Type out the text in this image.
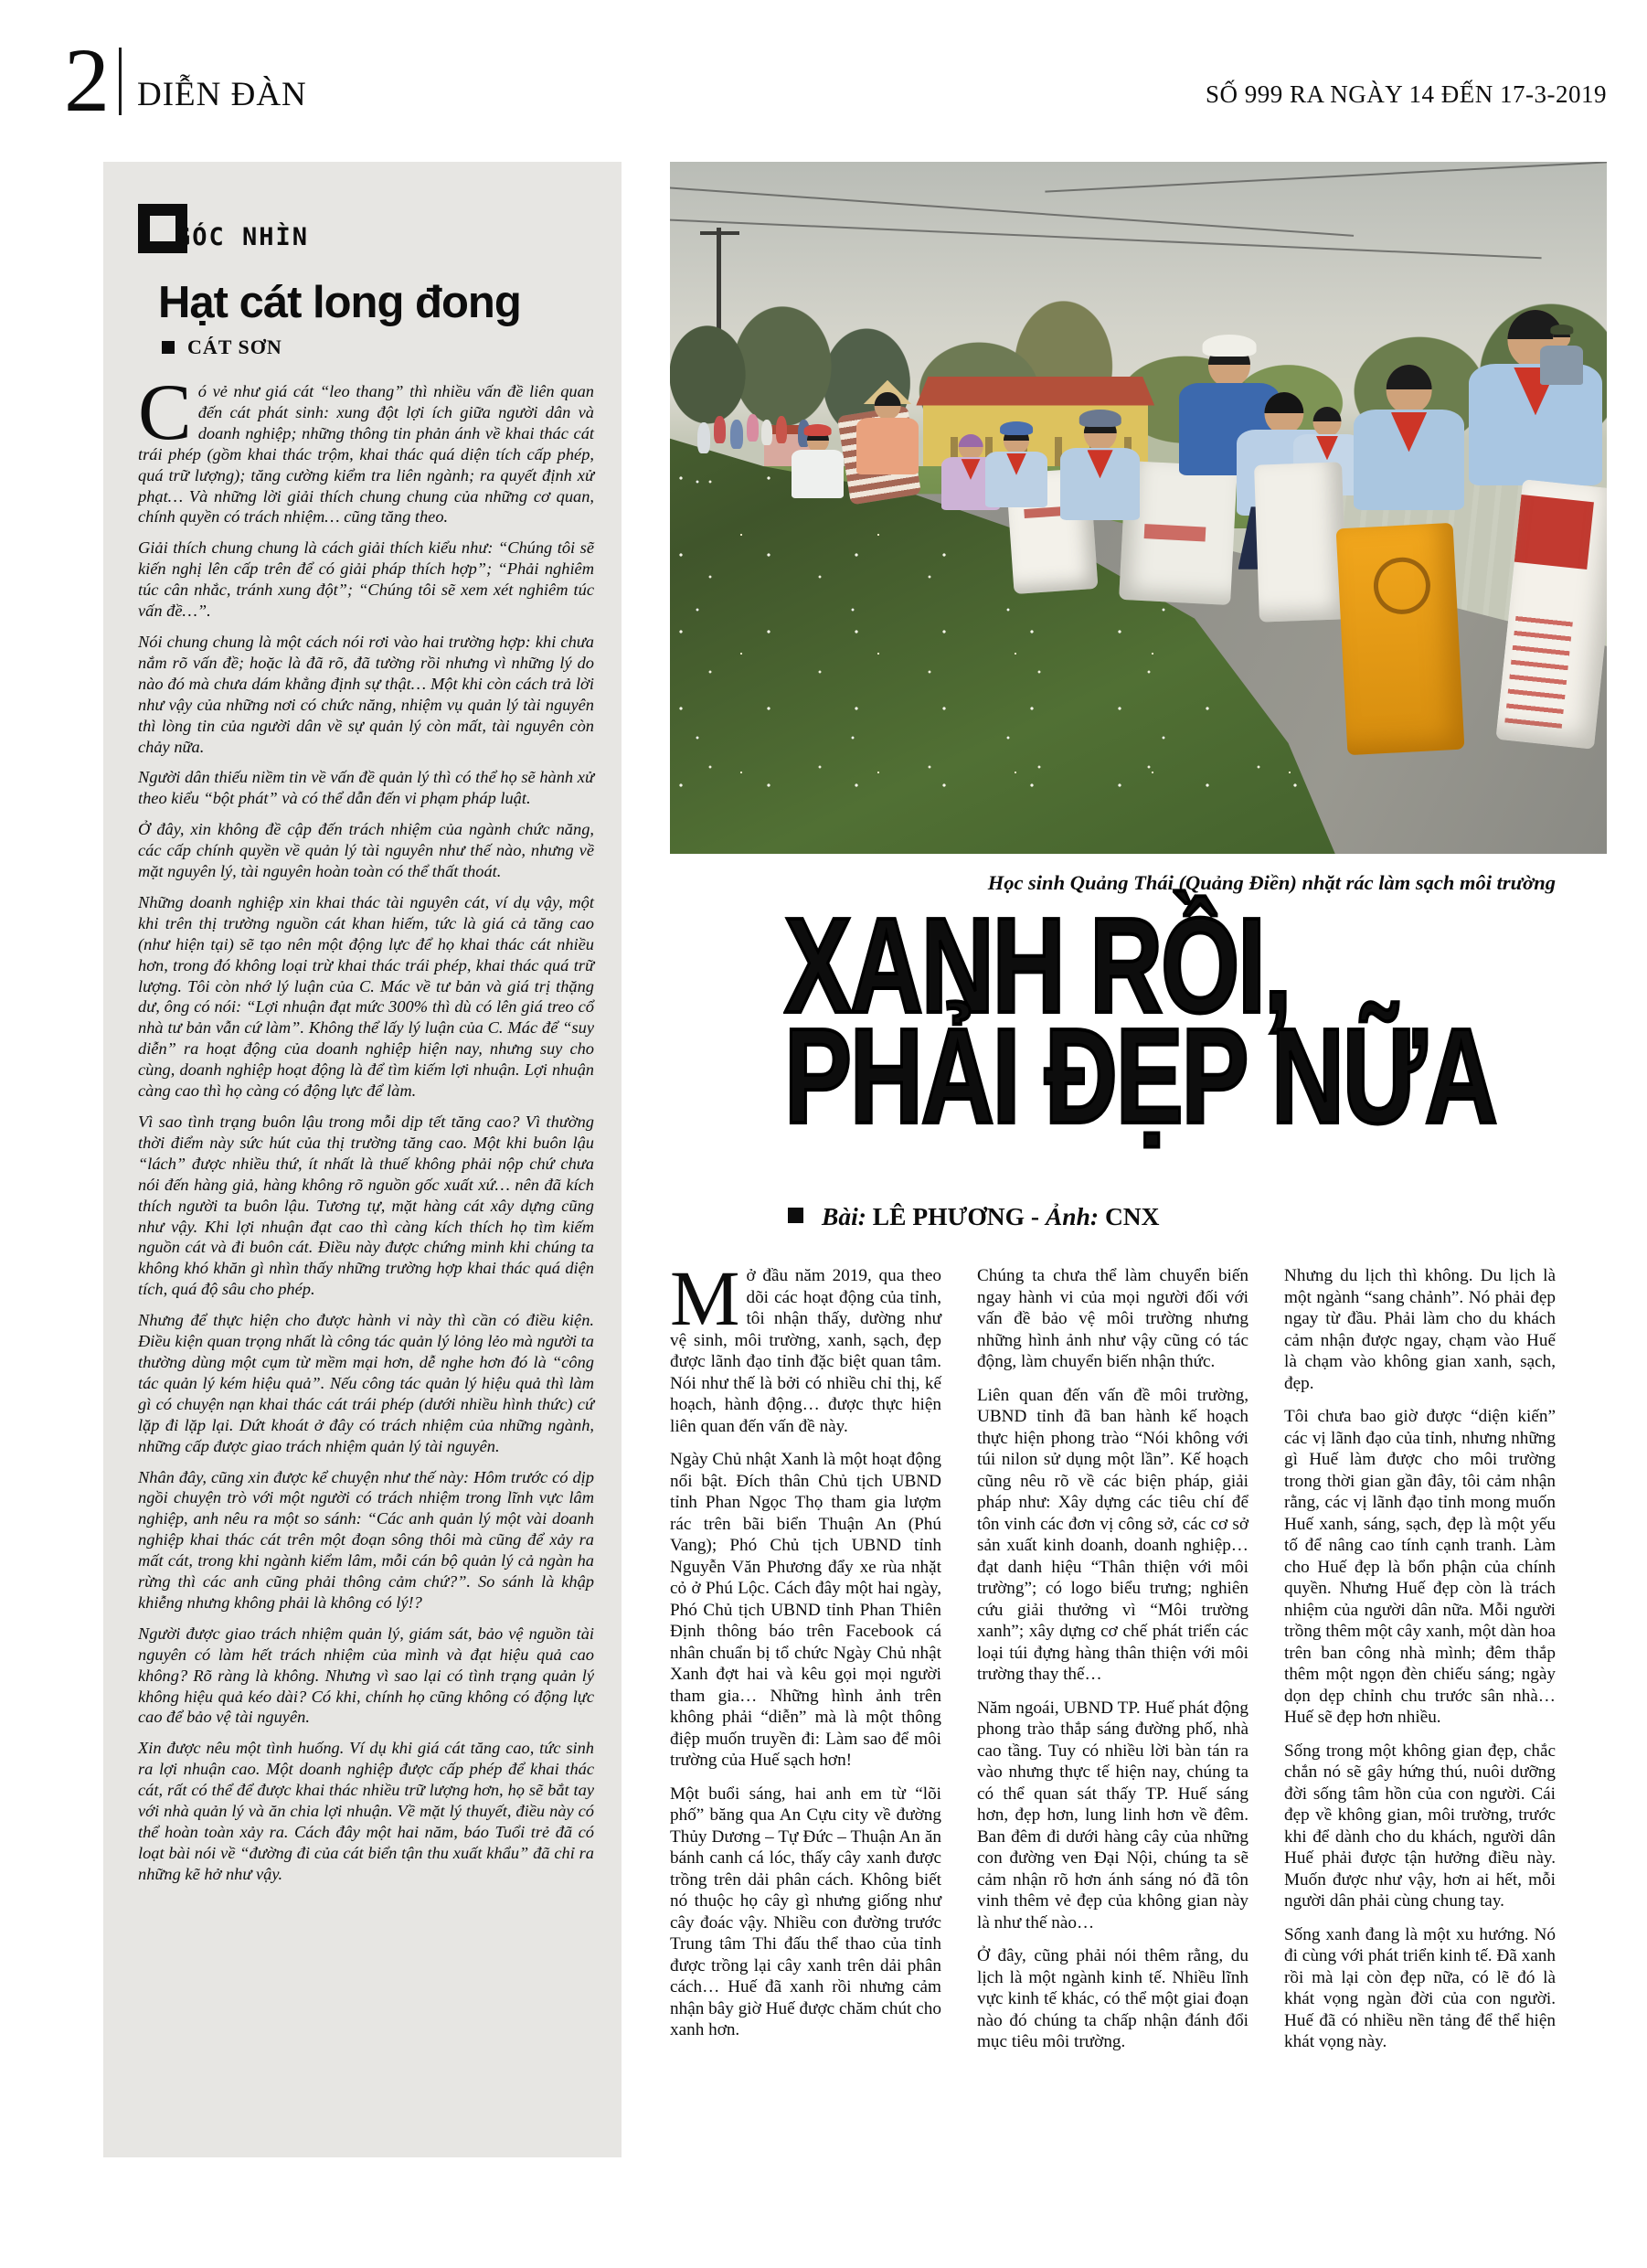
2 DIỄN ĐÀN	SỐ 999 RA NGÀY 14 ĐẾN 17-3-2019
GÓC NHÌN
Hạt cát long đong
CÁT SƠN

Có vẻ như giá cát “leo thang” thì nhiều vấn đề liên quan đến cát phát sinh: xung đột lợi ích giữa người dân và doanh nghiệp; những thông tin phản ánh về khai thác cát trái phép (gồm khai thác trộm, khai thác quá diện tích cấp phép, quá trữ lượng); tăng cường kiểm tra liên ngành; ra quyết định xử phạt… Và những lời giải thích chung chung của những cơ quan, chính quyền có trách nhiệm… cũng tăng theo.

Giải thích chung chung là cách giải thích kiểu như: “Chúng tôi sẽ kiến nghị lên cấp trên để có giải pháp thích hợp”; “Phải nghiêm túc cân nhắc, tránh xung đột”; “Chúng tôi sẽ xem xét nghiêm túc vấn đề…”.

Nói chung chung là một cách nói rơi vào hai trường hợp: khi chưa nắm rõ vấn đề; hoặc là đã rõ, đã tường rồi nhưng vì những lý do nào đó mà chưa dám khẳng định sự thật… Một khi còn cách trả lời như vậy của những nơi có chức năng, nhiệm vụ quản lý tài nguyên thì lòng tin của người dân về sự quản lý còn mất, tài nguyên còn chảy nữa.

Người dân thiếu niềm tin về vấn đề quản lý thì có thể họ sẽ hành xử theo kiểu “bột phát” và có thể dẫn đến vi phạm pháp luật.

Ở đây, xin không đề cập đến trách nhiệm của ngành chức năng, các cấp chính quyền về quản lý tài nguyên như thế nào, nhưng về mặt nguyên lý, tài nguyên hoàn toàn có thể thất thoát.

Những doanh nghiệp xin khai thác tài nguyên cát, ví dụ vậy, một khi trên thị trường nguồn cát khan hiếm, tức là giá cả tăng cao (như hiện tại) sẽ tạo nên một động lực để họ khai thác cát nhiều hơn, trong đó không loại trừ khai thác trái phép, khai thác quá trữ lượng. Tôi còn nhớ lý luận của C. Mác về tư bản và giá trị thặng dư, ông có nói: “Lợi nhuận đạt mức 300% thì dù có lên giá treo cổ nhà tư bản vẫn cứ làm”. Không thể lấy lý luận của C. Mác để “suy diễn” ra hoạt động của doanh nghiệp hiện nay, nhưng suy cho cùng, doanh nghiệp hoạt động là để tìm kiếm lợi nhuận. Lợi nhuận càng cao thì họ càng có động lực để làm.

Vì sao tình trạng buôn lậu trong mỗi dịp tết tăng cao? Vì thường thời điểm này sức hút của thị trường tăng cao. Một khi buôn lậu “lách” được nhiều thứ, ít nhất là thuế không phải nộp chứ chưa nói đến hàng giả, hàng không rõ nguồn gốc xuất xứ… nên đã kích thích người ta buôn lậu. Tương tự, mặt hàng cát xây dựng cũng như vậy. Khi lợi nhuận đạt cao thì càng kích thích họ tìm kiếm nguồn cát và đi buôn cát. Điều này được chứng minh khi chúng ta không khó khăn gì nhìn thấy những trường hợp khai thác quá diện tích, quá độ sâu cho phép.

Nhưng để thực hiện cho được hành vi này thì cần có điều kiện. Điều kiện quan trọng nhất là công tác quản lý lỏng lẻo mà người ta thường dùng một cụm từ mềm mại hơn, dễ nghe hơn đó là “công tác quản lý kém hiệu quả”. Nếu công tác quản lý hiệu quả thì làm gì có chuyện nạn khai thác cát trái phép (dưới nhiều hình thức) cứ lặp đi lặp lại. Dứt khoát ở đây có trách nhiệm của những ngành, những cấp được giao trách nhiệm quản lý tài nguyên.

Nhân đây, cũng xin được kể chuyện như thế này: Hôm trước có dịp ngồi chuyện trò với một người có trách nhiệm trong lĩnh vực lâm nghiệp, anh nêu ra một so sánh: “Các anh quản lý một vài doanh nghiệp khai thác cát trên một đoạn sông thôi mà cũng để xảy ra mất cát, trong khi ngành kiểm lâm, mỗi cán bộ quản lý cả ngàn ha rừng thì các anh cũng phải thông cảm chứ?”. So sánh là khập khiễng nhưng không phải là không có lý!?

Người được giao trách nhiệm quản lý, giám sát, bảo vệ nguồn tài nguyên có làm hết trách nhiệm của mình và đạt hiệu quả cao không? Rõ ràng là không. Nhưng vì sao lại có tình trạng quản lý không hiệu quả kéo dài? Có khi, chính họ cũng không có động lực cao để bảo vệ tài nguyên.

Xin được nêu một tình huống. Ví dụ khi giá cát tăng cao, tức sinh ra lợi nhuận cao. Một doanh nghiệp được cấp phép để khai thác cát, rất có thể để được khai thác nhiều trữ lượng hơn, họ sẽ bắt tay với nhà quản lý và ăn chia lợi nhuận. Về mặt lý thuyết, điều này có thể hoàn toàn xảy ra. Cách đây một hai năm, báo Tuổi trẻ đã có loạt bài nói về “đường đi của cát biển tận thu xuất khẩu” đã chỉ ra những kẽ hở như vậy.

Học sinh Quảng Thái (Quảng Điền) nhặt rác làm sạch môi trường
XANH RỒI,
PHẢI ĐẸP NỮA
Bài: LÊ PHƯƠNG - Ảnh: CNX

Mở đầu năm 2019, qua theo dõi các hoạt động của tỉnh, tôi nhận thấy, dường như vệ sinh, môi trường, xanh, sạch, đẹp được lãnh đạo tỉnh đặc biệt quan tâm. Nói như thế là bởi có nhiều chỉ thị, kế hoạch, hành động… được thực hiện liên quan đến vấn đề này.

Ngày Chủ nhật Xanh là một hoạt động nổi bật. Đích thân Chủ tịch UBND tỉnh Phan Ngọc Thọ tham gia lượm rác trên bãi biển Thuận An (Phú Vang); Phó Chủ tịch UBND tỉnh Nguyễn Văn Phương đẩy xe rùa nhặt cỏ ở Phú Lộc. Cách đây một hai ngày, Phó Chủ tịch UBND tỉnh Phan Thiên Định thông báo trên Facebook cá nhân chuẩn bị tổ chức Ngày Chủ nhật Xanh đợt hai và kêu gọi mọi người tham gia… Những hình ảnh trên không phải “diễn” mà là một thông điệp muốn truyền đi: Làm sao để môi trường của Huế sạch hơn!

Một buổi sáng, hai anh em từ “lõi phố” băng qua An Cựu city về đường Thủy Dương – Tự Đức – Thuận An ăn bánh canh cá lóc, thấy cây xanh được trồng trên dải phân cách. Không biết nó thuộc họ cây gì nhưng giống như cây đoác vậy. Nhiều con đường trước Trung tâm Thi đấu thể thao của tỉnh được trồng lại cây xanh trên dải phân cách… Huế đã xanh rồi nhưng cảm nhận bây giờ Huế được chăm chút cho xanh hơn.

Chúng ta chưa thể làm chuyển biến ngay hành vi của mọi người đối với vấn đề bảo vệ môi trường nhưng những hình ảnh như vậy cũng có tác động, làm chuyển biến nhận thức.

Liên quan đến vấn đề môi trường, UBND tỉnh đã ban hành kế hoạch thực hiện phong trào “Nói không với túi nilon sử dụng một lần”. Kế hoạch cũng nêu rõ về các biện pháp, giải pháp như: Xây dựng các tiêu chí để tôn vinh các đơn vị công sở, các cơ sở sản xuất kinh doanh, doanh nghiệp… đạt danh hiệu “Thân thiện với môi trường”; có logo biểu trưng; nghiên cứu giải thưởng vì “Môi trường xanh”; xây dựng cơ chế phát triển các loại túi đựng hàng thân thiện với môi trường thay thế…

Năm ngoái, UBND TP. Huế phát động phong trào thắp sáng đường phố, nhà cao tầng. Tuy có nhiều lời bàn tán ra vào nhưng thực tế hiện nay, chúng ta có thể quan sát thấy TP. Huế sáng hơn, đẹp hơn, lung linh hơn về đêm. Ban đêm đi dưới hàng cây của những con đường ven Đại Nội, chúng ta sẽ cảm nhận rõ hơn ánh sáng nó đã tôn vinh thêm vẻ đẹp của không gian này là như thế nào…

Ở đây, cũng phải nói thêm rằng, du lịch là một ngành kinh tế. Nhiều lĩnh vực kinh tế khác, có thể một giai đoạn nào đó chúng ta chấp nhận đánh đổi mục tiêu môi trường.

Nhưng du lịch thì không. Du lịch là một ngành “sang chảnh”. Nó phải đẹp ngay từ đầu. Phải làm cho du khách cảm nhận được ngay, chạm vào Huế là chạm vào không gian xanh, sạch, đẹp.

Tôi chưa bao giờ được “diện kiến” các vị lãnh đạo của tỉnh, nhưng những gì Huế làm được cho môi trường trong thời gian gần đây, tôi cảm nhận rằng, các vị lãnh đạo tỉnh mong muốn Huế xanh, sáng, sạch, đẹp là một yếu tố để nâng cao tính cạnh tranh. Làm cho Huế đẹp là bổn phận của chính quyền. Nhưng Huế đẹp còn là trách nhiệm của người dân nữa. Mỗi người trồng thêm một cây xanh, một dàn hoa trên ban công nhà mình; đêm thắp thêm một ngọn đèn chiếu sáng; ngày dọn dẹp chỉnh chu trước sân nhà… Huế sẽ đẹp hơn nhiều.

Sống trong một không gian đẹp, chắc chắn nó sẽ gây hứng thú, nuôi dưỡng đời sống tâm hồn của con người. Cái đẹp về không gian, môi trường, trước khi để dành cho du khách, người dân Huế phải được tận hưởng điều này. Muốn được như vậy, hơn ai hết, mỗi người dân phải cùng chung tay.

Sống xanh đang là một xu hướng. Nó đi cùng với phát triển kinh tế. Đã xanh rồi mà lại còn đẹp nữa, có lẽ đó là khát vọng ngàn đời của con người. Huế đã có nhiều nền tảng để thể hiện khát vọng này.
